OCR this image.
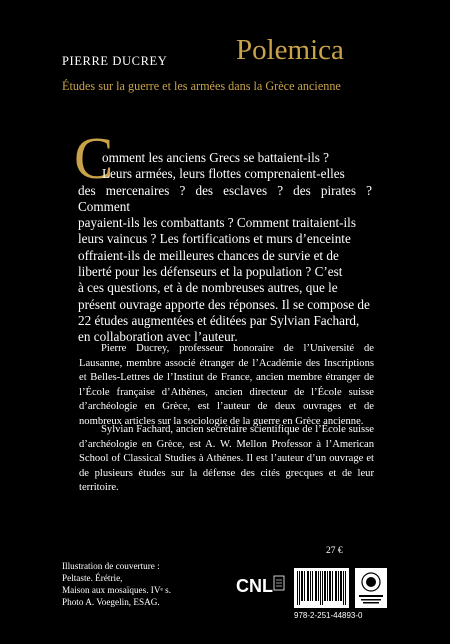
PIERRE DUCREY Polemica
Études sur la guerre et les armées dans la Grèce ancienne
C
omment les anciens Grecs se battaient-ils ?
Leurs armées, leurs flottes comprenaient-elles
des mercenaires ? des esclaves ? des pirates ? Comment
payaient-ils les combattants ? Comment traitaient-ils
leurs vaincus ? Les fortifications et murs d’enceinte
offraient-ils de meilleures chances de survie et de
liberté pour les défenseurs et la population ? C’est
à ces questions, et à de nombreuses autres, que le
présent ouvrage apporte des réponses. Il se compose de
22 études augmentées et éditées par Sylvian Fachard,
en collaboration avec l’auteur.

Pierre Ducrey, professeur honoraire de l’Université de Lausanne, membre associé étranger de l’Académie des Inscriptions et Belles-Lettres de l’Institut de France, ancien membre étranger de l’École française d’Athènes, ancien directeur de l’École suisse d’archéologie en Grèce, est l’auteur de deux ouvrages et de nombreux articles sur la sociologie de la guerre en Grèce ancienne.

Sylvian Fachard, ancien secrétaire scientifique de l’École suisse d’archéologie en Grèce, est A. W. Mellon Professor à l’American School of Classical Studies à Athènes. Il est l’auteur d’un ouvrage et de plusieurs études sur la défense des cités grecques et de leur territoire.

Illustration de couverture :
Peltaste. Érétrie,
Maison aux mosaïques. IVᵉ s.
Photo A. Voegelin, ESAG.
27 €
CNL
978-2-251-44893-0
